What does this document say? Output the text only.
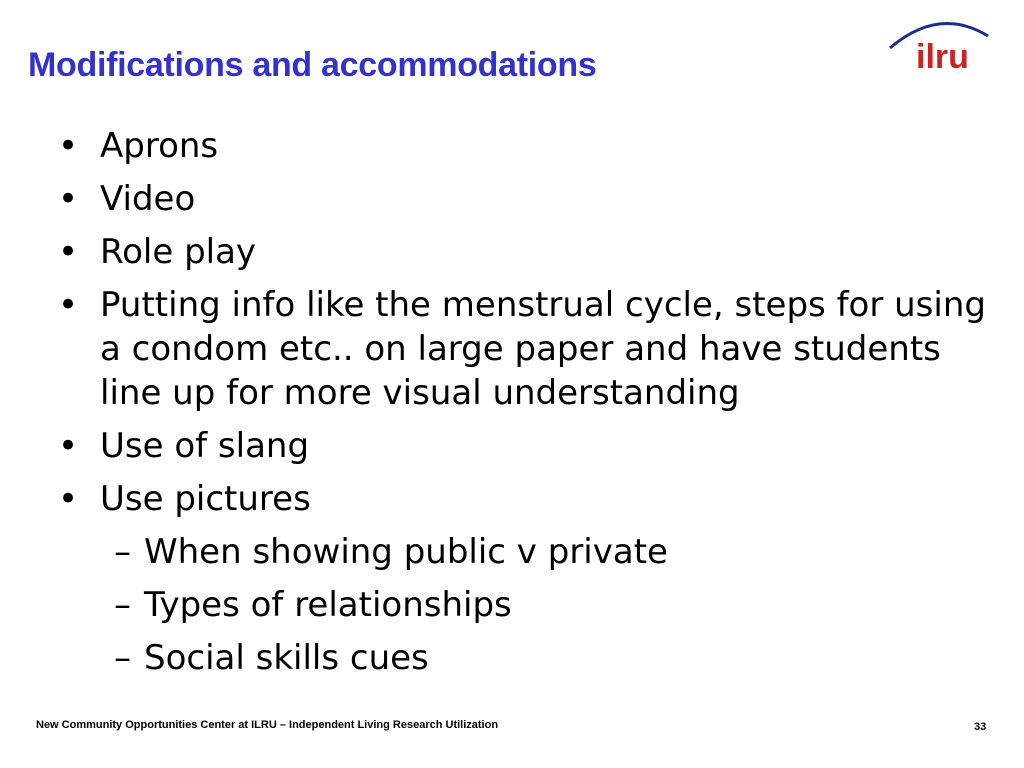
Modifications and accommodations	ilru
• Aprons
• Video
• Role play
• Putting info like the menstrual cycle, steps for using a condom etc.. on large paper and have students line up for more visual understanding
• Use of slang
• Use pictures
– When showing public v private
– Types of relationships
– Social skills cues
New Community Opportunities Center at ILRU – Independent Living Research Utilization	33
